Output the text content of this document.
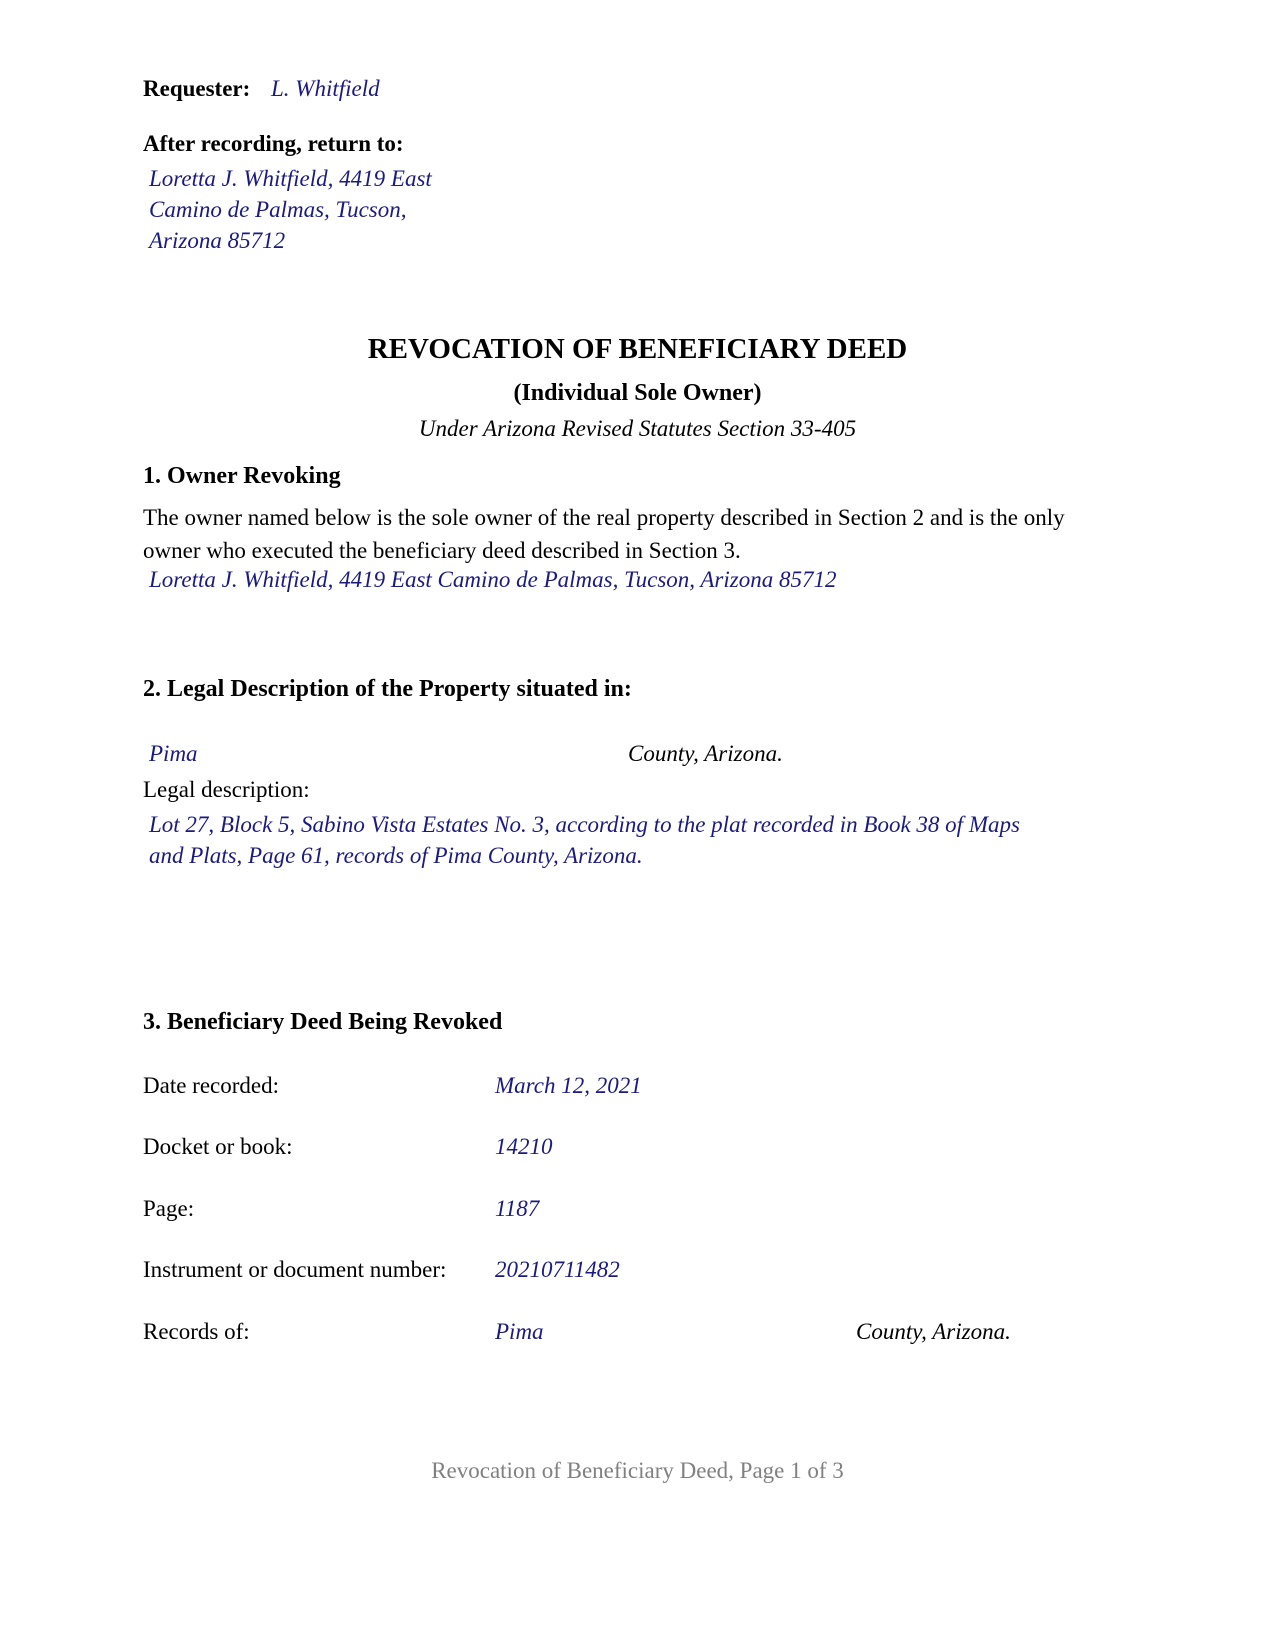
Requester: L. Whitfield
After recording, return to:
Loretta J. Whitfield, 4419 East
Camino de Palmas, Tucson,
Arizona 85712
REVOCATION OF BENEFICIARY DEED
(Individual Sole Owner)
Under Arizona Revised Statutes Section 33-405
1. Owner Revoking
The owner named below is the sole owner of the real property described in Section 2 and is the only owner who executed the beneficiary deed described in Section 3.
Loretta J. Whitfield, 4419 East Camino de Palmas, Tucson, Arizona 85712
2. Legal Description of the Property situated in:
Pima	County, Arizona.
Legal description:
Lot 27, Block 5, Sabino Vista Estates No. 3, according to the plat recorded in Book 38 of Maps
and Plats, Page 61, records of Pima County, Arizona.
3. Beneficiary Deed Being Revoked
Date recorded:	March 12, 2021
Docket or book:	14210
Page:	1187
Instrument or document number: 20210711482
Records of:	Pima	County, Arizona.
Revocation of Beneficiary Deed, Page 1 of 3
